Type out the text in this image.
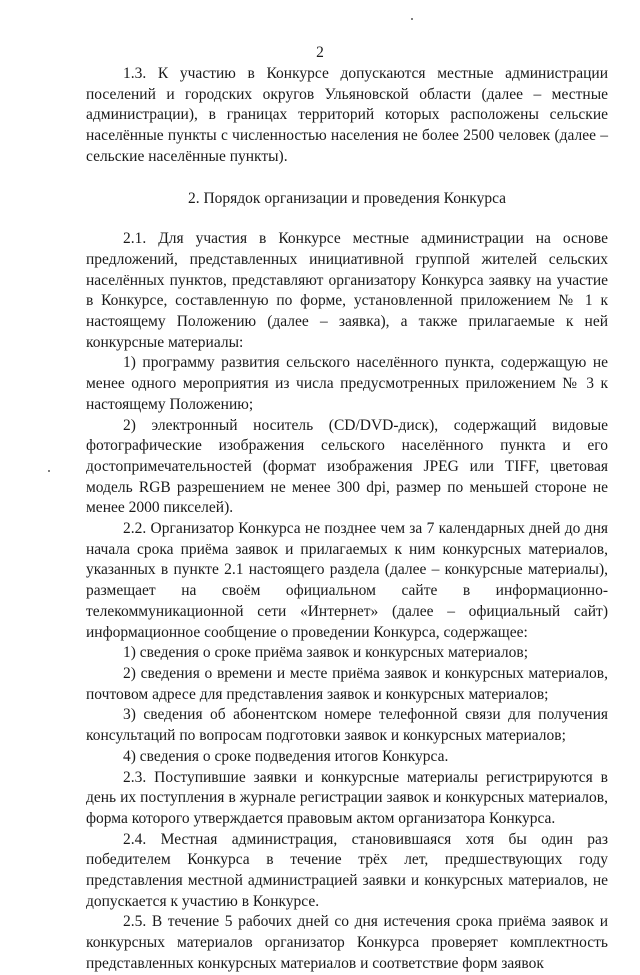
2

1.3. К участию в Конкурсе допускаются местные администрации поселений и городских округов Ульяновской области (далее – местные администрации), в границах территорий которых расположены сельские населённые пункты с численностью населения не более 2500 человек (далее – сельские населённые пункты).

2. Порядок организации и проведения Конкурса

2.1. Для участия в Конкурсе местные администрации на основе предложений, представленных инициативной группой жителей сельских населённых пунктов, представляют организатору Конкурса заявку на участие в Конкурсе, составленную по форме, установленной приложением № 1 к настоящему Положению (далее – заявка), а также прилагаемые к ней конкурсные материалы:

1) программу развития сельского населённого пункта, содержащую не менее одного мероприятия из числа предусмотренных приложением № 3 к настоящему Положению;

2) электронный носитель (CD/DVD-диск), содержащий видовые фотографические изображения сельского населённого пункта и его достопримечательностей (формат изображения JPEG или TIFF, цветовая модель RGB разрешением не менее 300 dpi, размер по меньшей стороне не менее 2000 пикселей).

2.2. Организатор Конкурса не позднее чем за 7 календарных дней до дня начала срока приёма заявок и прилагаемых к ним конкурсных материалов, указанных в пункте 2.1 настоящего раздела (далее – конкурсные материалы), размещает на своём официальном сайте в информационно-телекоммуникационной сети «Интернет» (далее – официальный сайт) информационное сообщение о проведении Конкурса, содержащее:

1) сведения о сроке приёма заявок и конкурсных материалов;

2) сведения о времени и месте приёма заявок и конкурсных материалов, почтовом адресе для представления заявок и конкурсных материалов;

3) сведения об абонентском номере телефонной связи для получения консультаций по вопросам подготовки заявок и конкурсных материалов;

4) сведения о сроке подведения итогов Конкурса.

2.3. Поступившие заявки и конкурсные материалы регистрируются в день их поступления в журнале регистрации заявок и конкурсных материалов, форма которого утверждается правовым актом организатора Конкурса.

2.4. Местная администрация, становившаяся хотя бы один раз победителем Конкурса в течение трёх лет, предшествующих году представления местной администрацией заявки и конкурсных материалов, не допускается к участию в Конкурсе.

2.5. В течение 5 рабочих дней со дня истечения срока приёма заявок и конкурсных материалов организатор Конкурса проверяет комплектность представленных конкурсных материалов и соответствие форм заявок
